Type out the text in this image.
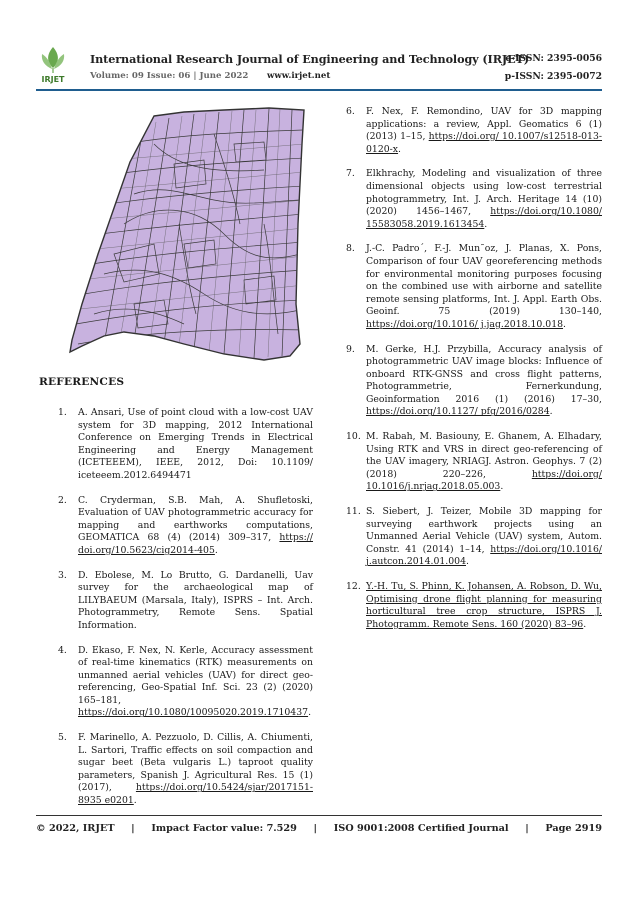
IRJET
International Research Journal of Engineering and Technology (IRJET)
e-ISSN: 2395-0056
Volume: 09 Issue: 06 | June 2022 www.irjet.net	p-ISSN: 2395-0072
REFERENCES
1. A. Ansari, Use of point cloud with a low-cost UAV system for 3D mapping, 2012 International Conference on Emerging Trends in Electrical Engineering and Energy Management (ICETEEEM), IEEE, 2012, Doi: 10.1109/ iceteeem.2012.6494471
2. C. Cryderman, S.B. Mah, A. Shufletoski, Evaluation of UAV photogrammetric accuracy for mapping and earthworks computations, GEOMATICA 68 (4) (2014) 309–317, https:// doi.org/10.5623/cig2014-405.
3. D. Ebolese, M. Lo Brutto, G. Dardanelli, Uav survey for the archaeological map of LILYBAEUM (Marsala, Italy), ISPRS – Int. Arch. Photogrammetry, Remote Sens. Spatial Information.
4. D. Ekaso, F. Nex, N. Kerle, Accuracy assessment of real-time kinematics (RTK) measurements on unmanned aerial vehicles (UAV) for direct geo-referencing, Geo-Spatial Inf. Sci. 23 (2) (2020) 165–181, https://doi.org/10.1080/10095020.2019.1710437.
5. F. Marinello, A. Pezzuolo, D. Cillis, A. Chiumenti, L. Sartori, Traffic effects on soil compaction and sugar beet (Beta vulgaris L.) taproot quality parameters, Spanish J. Agricultural Res. 15 (1) (2017),	https://doi.org/10.5424/sjar/2017151-8935 e0201.
6. F. Nex, F. Remondino, UAV for 3D mapping applications: a review, Appl. Geomatics 6 (1) (2013) 1–15, https://doi.org/ 10.1007/s12518-013-0120-x.
7. Elkhrachy, Modeling and visualization of three dimensional objects using low-cost terrestrial photogrammetry, Int. J. Arch. Heritage 14 (10) (2020) 1456–1467, https://doi.org/10.1080/ 15583058.2019.1613454.
8. J.-C. Padro´, F.-J. Mun˜oz, J. Planas, X. Pons, Comparison of four UAV georeferencing methods for environmental monitoring purposes focusing on the combined use with airborne and satellite remote sensing platforms, Int. J. Appl. Earth Obs. Geoinf. 75 (2019) 130–140, https://doi.org/10.1016/ j.jag.2018.10.018.
9. M. Gerke, H.J. Przybilla, Accuracy analysis of photogrammetric UAV image blocks: Influence of onboard RTK-GNSS and cross flight patterns, Photogrammetrie, Fernerkundung, Geoinformation 2016 (1) (2016) 17–30, https://doi.org/10.1127/ pfg/2016/0284.
10. M. Rabah, M. Basiouny, E. Ghanem, A. Elhadary, Using RTK and VRS in direct geo-referencing of the UAV imagery, NRIAGJ. Astron. Geophys. 7 (2) (2018) 220–226,	https://doi.org/ 10.1016/j.nrjag.2018.05.003.
11. S. Siebert, J. Teizer, Mobile 3D mapping for surveying earthwork projects using an Unmanned Aerial Vehicle (UAV) system, Autom. Constr. 41 (2014) 1–14, https://doi.org/10.1016/ j.autcon.2014.01.004.
12. Y.-H. Tu, S. Phinn, K. Johansen, A. Robson, D. Wu, Optimising drone flight planning for measuring horticultural tree crop structure, ISPRS J. Photogramm. Remote Sens. 160 (2020) 83–96.
© 2022, IRJET | Impact Factor value: 7.529 | ISO 9001:2008 Certified Journal | Page 2919
